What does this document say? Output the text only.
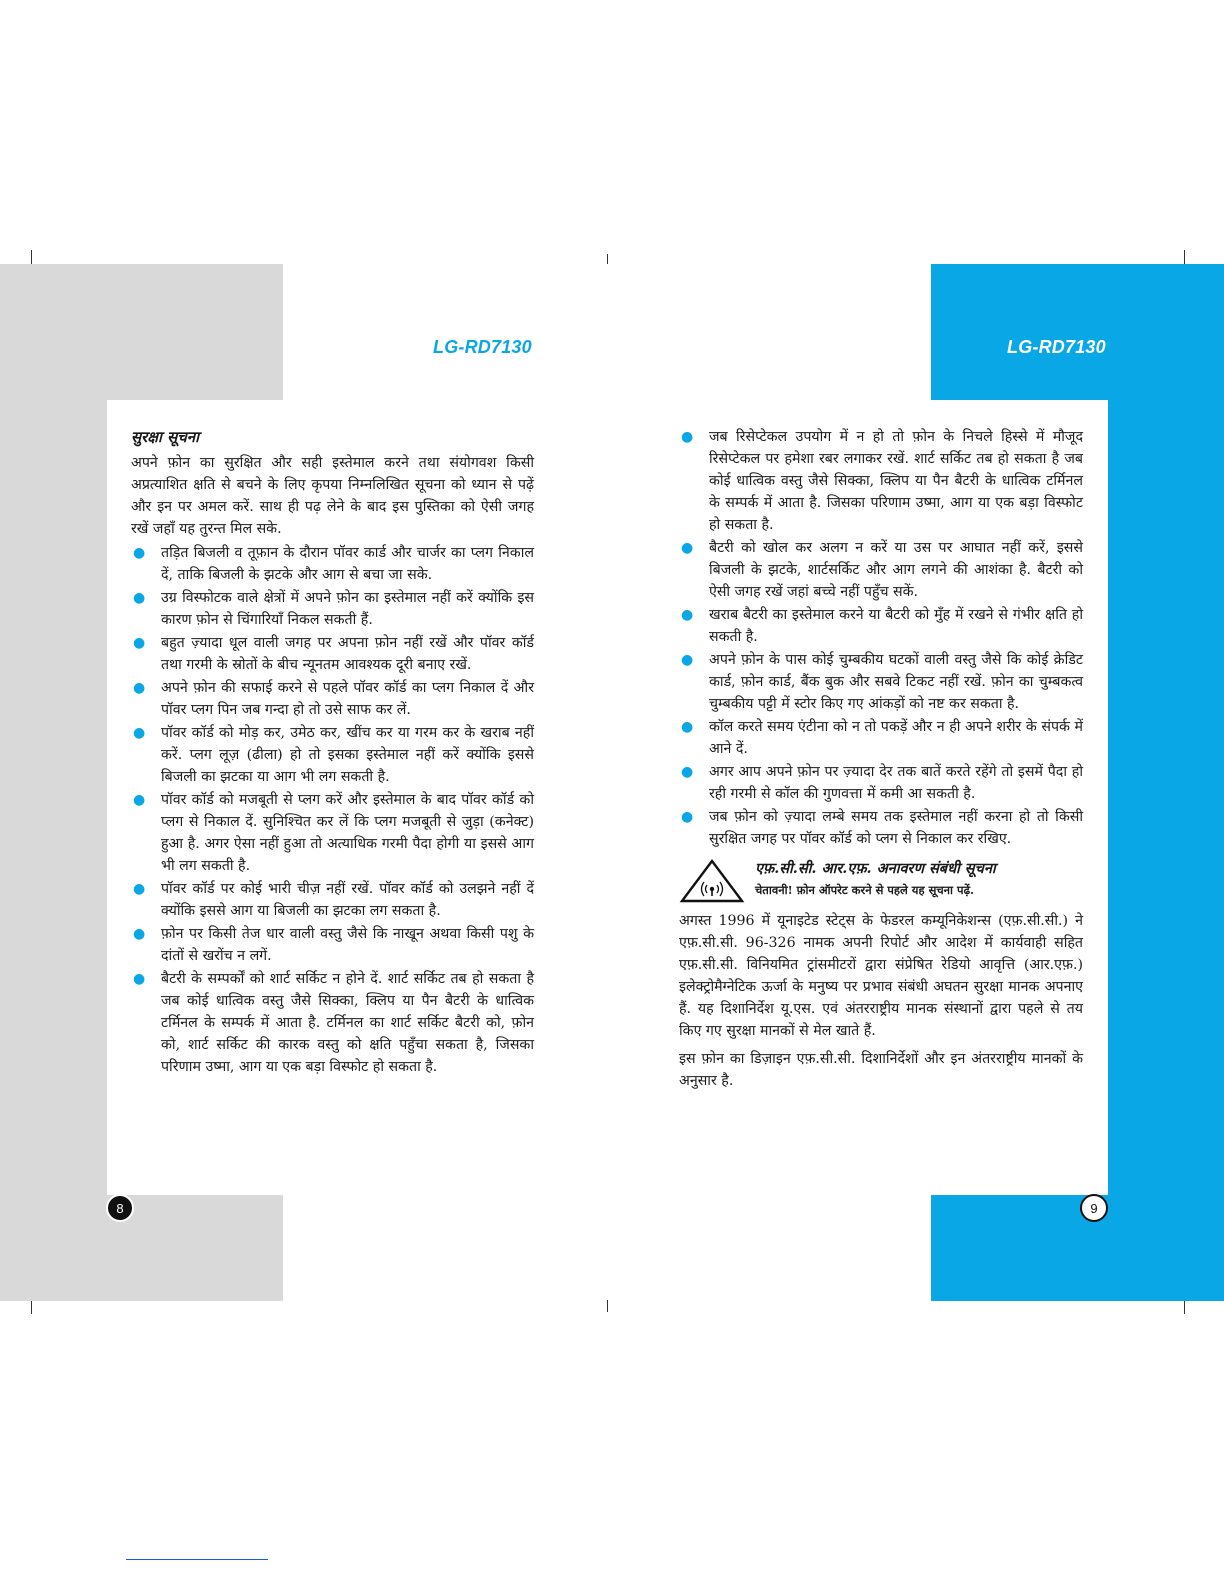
LG-RD7130	LG-RD7130

सुरक्षा सूचना

अपने फ़ोन का सुरक्षित और सही इस्तेमाल करने तथा संयोगवश किसी अप्रत्याशित क्षति से बचने के लिए कृपया निम्नलिखित सूचना को ध्यान से पढ़ें और इन पर अमल करें. साथ ही पढ़ लेने के बाद इस पुस्तिका को ऐसी जगह रखें जहाँ यह तुरन्त मिल सके.

● तड़ित बिजली व तूफ़ान के दौरान पॉवर कार्ड और चार्जर का प्लग निकाल दें, ताकि बिजली के झटके और आग से बचा जा सके.
● उग्र विस्फोटक वाले क्षेत्रों में अपने फ़ोन का इस्तेमाल नहीं करें क्योंकि इस कारण फ़ोन से चिंगारियाँ निकल सकती हैं.
● बहुत ज़्यादा धूल वाली जगह पर अपना फ़ोन नहीं रखें और पॉवर कॉर्ड तथा गरमी के स्रोतों के बीच न्यूनतम आवश्यक दूरी बनाए रखें.
● अपने फ़ोन की सफाई करने से पहले पॉवर कॉर्ड का प्लग निकाल दें और पॉवर प्लग पिन जब गन्दा हो तो उसे साफ कर लें.
● पॉवर कॉर्ड को मोड़ कर, उमेठ कर, खींच कर या गरम कर के खराब नहीं करें. प्लग लूज़ (ढीला) हो तो इसका इस्तेमाल नहीं करें क्योंकि इससे बिजली का झटका या आग भी लग सकती है.
● पॉवर कॉर्ड को मजबूती से प्लग करें और इस्तेमाल के बाद पॉवर कॉर्ड को प्लग से निकाल दें. सुनिश्चित कर लें कि प्लग मजबूती से जुड़ा (कनेक्ट) हुआ है. अगर ऐसा नहीं हुआ तो अत्याधिक गरमी पैदा होगी या इससे आग भी लग सकती है.
● पॉवर कॉर्ड पर कोई भारी चीज़ नहीं रखें. पॉवर कॉर्ड को उलझने नहीं दें क्योंकि इससे आग या बिजली का झटका लग सकता है.
● फ़ोन पर किसी तेज धार वाली वस्तु जैसे कि नाखून अथवा किसी पशु के दांतों से खरोंच न लगें.
● बैटरी के सम्पर्कों को शार्ट सर्किट न होने दें. शार्ट सर्किट तब हो सकता है जब कोई धात्विक वस्तु जैसे सिक्का, क्लिप या पैन बैटरी के धात्विक टर्मिनल के सम्पर्क में आता है. टर्मिनल का शार्ट सर्किट बैटरी को, फ़ोन को, शार्ट सर्किट की कारक वस्तु को क्षति पहुँचा सकता है, जिसका परिणाम उष्मा, आग या एक बड़ा विस्फोट हो सकता है.
● जब रिसेप्टेकल उपयोग में न हो तो फ़ोन के निचले हिस्से में मौजूद रिसेप्टेकल पर हमेशा रबर लगाकर रखें. शार्ट सर्किट तब हो सकता है जब कोई धात्विक वस्तु जैसे सिक्का, क्लिप या पैन बैटरी के धात्विक टर्मिनल के सम्पर्क में आता है. जिसका परिणाम उष्मा, आग या एक बड़ा विस्फोट हो सकता है.
● बैटरी को खोल कर अलग न करें या उस पर आघात नहीं करें, इससे बिजली के झटके, शार्टसर्किट और आग लगने की आशंका है. बैटरी को ऐसी जगह रखें जहां बच्चे नहीं पहुँच सकें.
● खराब बैटरी का इस्तेमाल करने या बैटरी को मुँह में रखने से गंभीर क्षति हो सकती है.
● अपने फ़ोन के पास कोई चुम्बकीय घटकों वाली वस्तु जैसे कि कोई क्रेडिट कार्ड, फ़ोन कार्ड, बैंक बुक और सबवे टिकट नहीं रखें. फ़ोन का चुम्बकत्व चुम्बकीय पट्टी में स्टोर किए गए आंकड़ों को नष्ट कर सकता है.
● कॉल करते समय एंटीना को न तो पकड़ें और न ही अपने शरीर के संपर्क में आने दें.
● अगर आप अपने फ़ोन पर ज़्यादा देर तक बातें करते रहेंगे तो इसमें पैदा हो रही गरमी से कॉल की गुणवत्ता में कमी आ सकती है.
● जब फ़ोन को ज़्यादा लम्बे समय तक इस्तेमाल नहीं करना हो तो किसी सुरक्षित जगह पर पॉवर कॉर्ड को प्लग से निकाल कर रखिए.
एफ़.सी.सी. आर.एफ़. अनावरण संबंधी सूचना
चेतावनी! फ़ोन ऑपरेट करने से पहले यह सूचना पढ़ें.

अगस्त 1996 में यूनाइटेड स्टेट्स के फेडरल कम्यूनिकेशन्स (एफ़.सी.सी.) ने एफ़.सी.सी. 96-326 नामक अपनी रिपोर्ट और आदेश में कार्यवाही सहित एफ़.सी.सी. विनियमित ट्रांसमीटरों द्वारा संप्रेषित रेडियो आवृत्ति (आर.एफ़.) इलेक्ट्रोमैग्नेटिक ऊर्जा के मनुष्य पर प्रभाव संबंधी अघतन सुरक्षा मानक अपनाए हैं. यह दिशानिर्देश यू.एस. एवं अंतरराष्ट्रीय मानक संस्थानों द्वारा पहले से तय किए गए सुरक्षा मानकों से मेल खाते हैं.

इस फ़ोन का डिज़ाइन एफ़.सी.सी. दिशानिर्देशों और इन अंतरराष्ट्रीय मानकों के अनुसार है.

8	9
